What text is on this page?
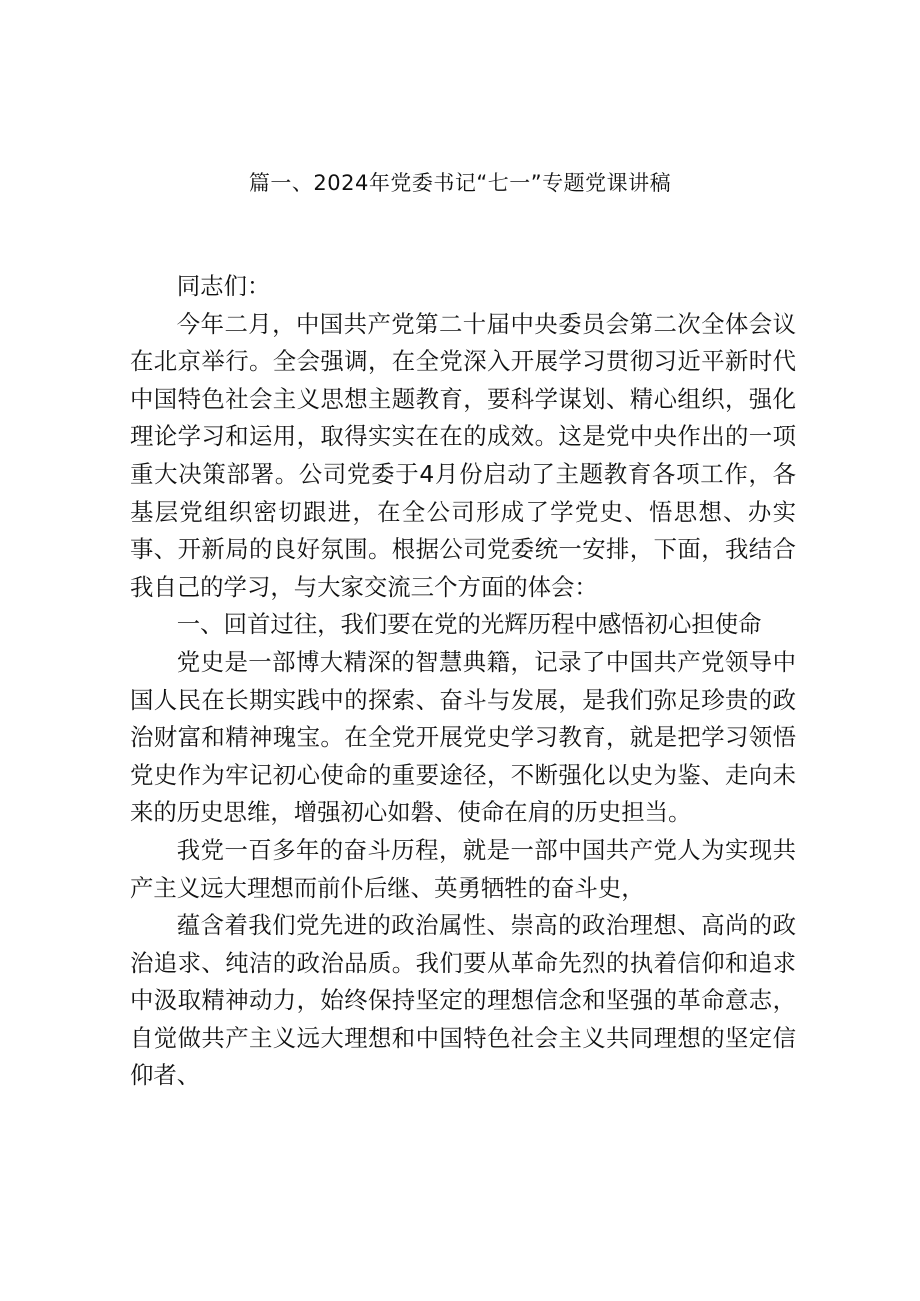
篇一、2024年党委书记“七一”专题党课讲稿

同志们：

今年二月，中国共产党第二十届中央委员会第二次全体会议在北京举行。全会强调，在全党深入开展学习贯彻习近平新时代中国特色社会主义思想主题教育，要科学谋划、精心组织，强化理论学习和运用，取得实实在在的成效。这是党中央作出的一项重大决策部署。公司党委于4月份启动了主题教育各项工作，各基层党组织密切跟进，在全公司形成了学党史、悟思想、办实事、开新局的良好氛围。根据公司党委统一安排，下面，我结合我自己的学习，与大家交流三个方面的体会：

一、回首过往，我们要在党的光辉历程中感悟初心担使命

党史是一部博大精深的智慧典籍，记录了中国共产党领导中国人民在长期实践中的探索、奋斗与发展，是我们弥足珍贵的政治财富和精神瑰宝。在全党开展党史学习教育，就是把学习领悟党史作为牢记初心使命的重要途径，不断强化以史为鉴、走向未来的历史思维，增强初心如磐、使命在肩的历史担当。

我党一百多年的奋斗历程，就是一部中国共产党人为实现共产主义远大理想而前仆后继、英勇牺牲的奋斗史，

蕴含着我们党先进的政治属性、崇高的政治理想、高尚的政治追求、纯洁的政治品质。我们要从革命先烈的执着信仰和追求中汲取精神动力，始终保持坚定的理想信念和坚强的革命意志，自觉做共产主义远大理想和中国特色社会主义共同理想的坚定信仰者、
